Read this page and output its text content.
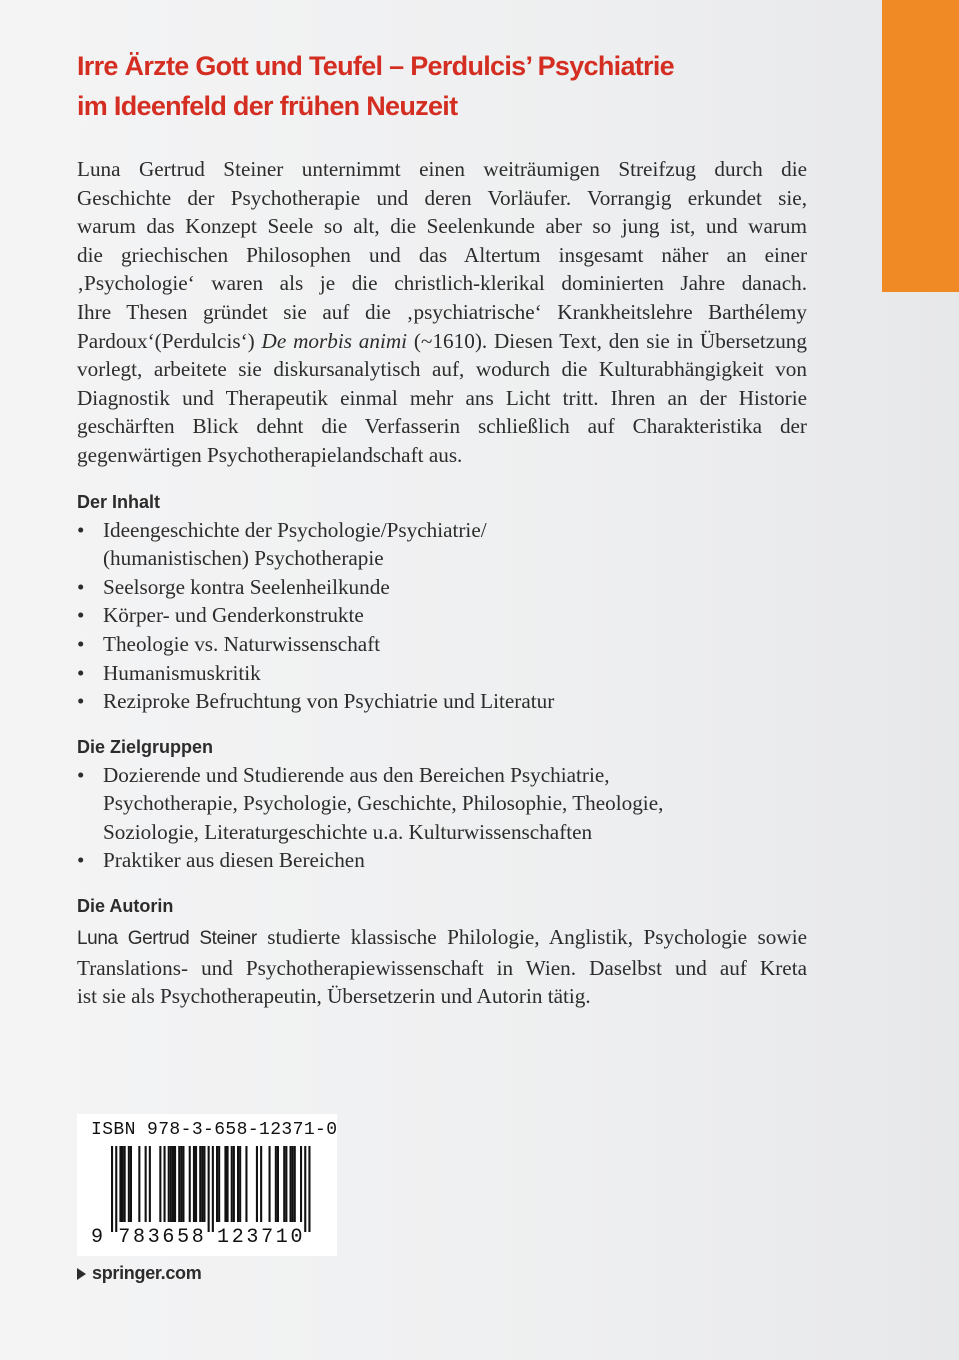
Irre Ärzte Gott und Teufel – Perdulcis’ Psychiatrie
im Ideenfeld der frühen Neuzeit

Luna Gertrud Steiner unternimmt einen weiträumigen Streifzug durch die
Geschichte der Psychotherapie und deren Vorläufer. Vorrangig erkundet sie,
warum das Konzept Seele so alt, die Seelenkunde aber so jung ist, und warum
die griechischen Philosophen und das Altertum insgesamt näher an einer
‚Psychologie‘ waren als je die christlich-klerikal dominierten Jahre danach.
Ihre Thesen gründet sie auf die ‚psychiatrische‘ Krankheitslehre Barthélemy
Pardoux‘(Perdulcis‘) De morbis animi (~1610). Diesen Text, den sie in Übersetzung
vorlegt, arbeitete sie diskursanalytisch auf, wodurch die Kulturabhängigkeit von
Diagnostik und Therapeutik einmal mehr ans Licht tritt. Ihren an der Historie
geschärften Blick dehnt die Verfasserin schließlich auf Charakteristika der
gegenwärtigen Psychotherapielandschaft aus.

Der Inhalt
• Ideengeschichte der Psychologie/Psychiatrie/
(humanistischen) Psychotherapie
• Seelsorge kontra Seelenheilkunde
• Körper- und Genderkonstrukte
• Theologie vs. Naturwissenschaft
• Humanismuskritik
• Reziproke Befruchtung von Psychiatrie und Literatur
Die Zielgruppen
• Dozierende und Studierende aus den Bereichen Psychiatrie,
Psychotherapie, Psychologie, Geschichte, Philosophie, Theologie,
Soziologie, Literaturgeschichte u.a. Kulturwissenschaften
• Praktiker aus diesen Bereichen
Die Autorin

Luna Gertrud Steiner studierte klassische Philologie, Anglistik, Psychologie sowie
Translations- und Psychotherapiewissenschaft in Wien. Daselbst und auf Kreta
ist sie als Psychotherapeutin, Übersetzerin und Autorin tätig.

ISBN 978-3-658-12371-0
9 7 8 3 6 5 8 1 2 3 7 1 0
springer.com
